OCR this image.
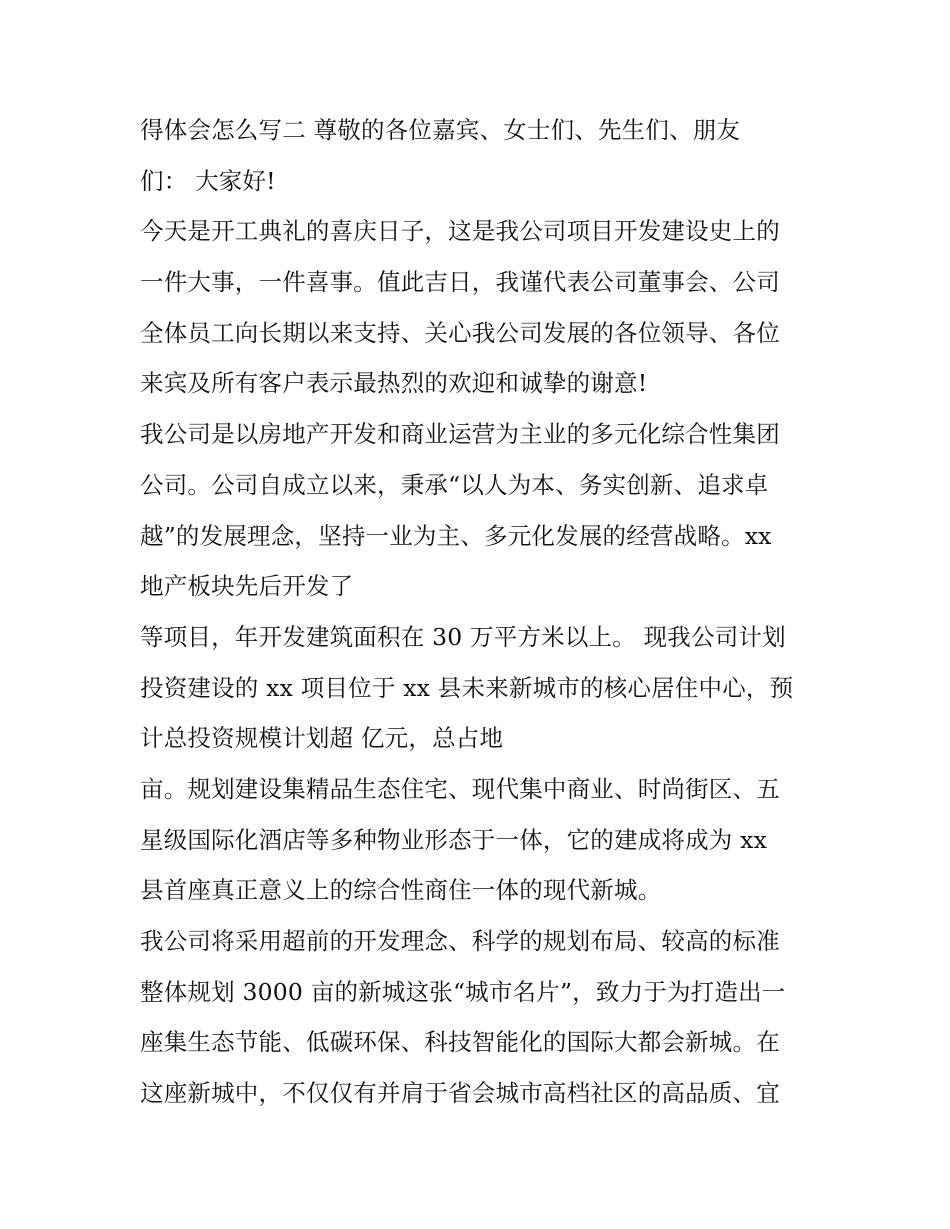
得体会怎么写二 尊敬的各位嘉宾、女士们、先生们、朋友
们： 大家好!
今天是开工典礼的喜庆日子，这是我公司项目开发建设史上的
一件大事，一件喜事。值此吉日，我谨代表公司董事会、公司
全体员工向长期以来支持、关心我公司发展的各位领导、各位
来宾及所有客户表示最热烈的欢迎和诚挚的谢意!
我公司是以房地产开发和商业运营为主业的多元化综合性集团
公司。公司自成立以来，秉承“以人为本、务实创新、追求卓
越”的发展理念，坚持一业为主、多元化发展的经营战略。xx
地产板块先后开发了
等项目，年开发建筑面积在 30 万平方米以上。 现我公司计划
投资建设的 xx 项目位于 xx 县未来新城市的核心居住中心，预
计总投资规模计划超 亿元，总占地
亩。规划建设集精品生态住宅、现代集中商业、时尚街区、五
星级国际化酒店等多种物业形态于一体，它的建成将成为 xx
县首座真正意义上的综合性商住一体的现代新城。
我公司将采用超前的开发理念、科学的规划布局、较高的标准
整体规划 3000 亩的新城这张“城市名片”，致力于为打造出一
座集生态节能、低碳环保、科技智能化的国际大都会新城。在
这座新城中，不仅仅有并肩于省会城市高档社区的高品质、宜
